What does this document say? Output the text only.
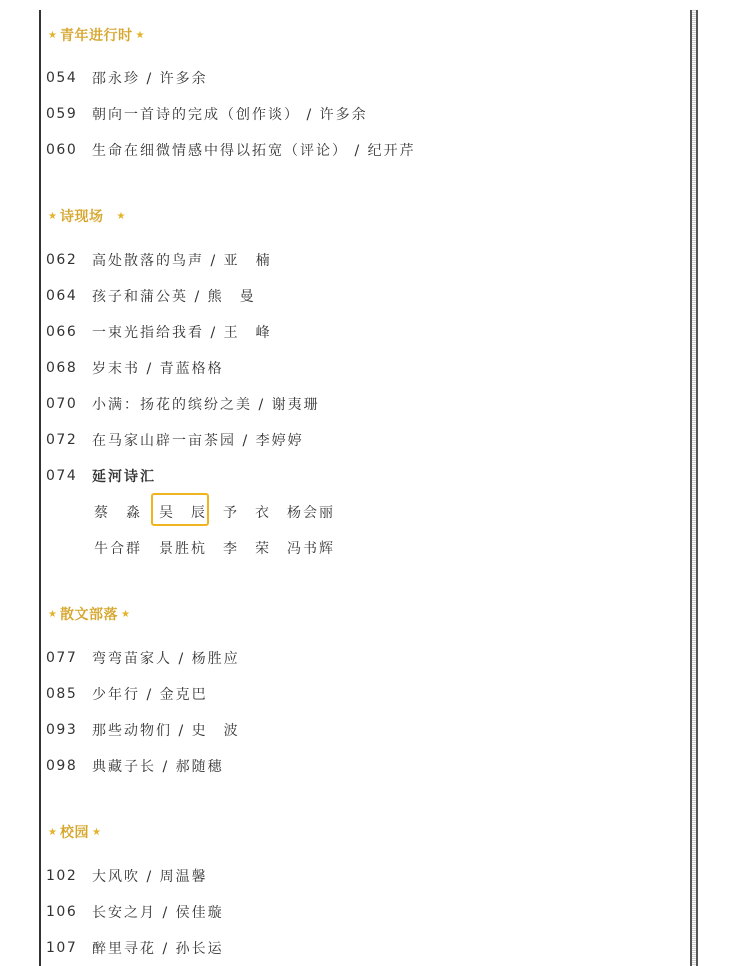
★ 青年进行时 ★
054	邵永珍 / 许多余
059	朝向一首诗的完成（创作谈） / 许多余
060	生命在细微情感中得以拓宽（评论） / 纪开芹
★ 诗现场 ★
062	高处散落的鸟声 / 亚　楠
064	孩子和蒲公英 / 熊　曼
066	一束光指给我看 / 王　峰
068	岁末书 / 青蓝格格
070	小满：扬花的缤纷之美 / 谢夷珊
072	在马家山辟一亩茶园 / 李婷婷
074	延河诗汇
蔡　淼 吴　辰 予　衣 杨会丽
牛合群 景胜杭 李　荣 冯书辉
★ 散文部落 ★
077	弯弯苗家人 / 杨胜应
085	少年行 / 金克巴
093	那些动物们 / 史　波
098	典藏子长 / 郝随穗
★ 校园 ★
102	大风吹 / 周温馨
106	长安之月 / 侯佳璇
107	醉里寻花 / 孙长运
